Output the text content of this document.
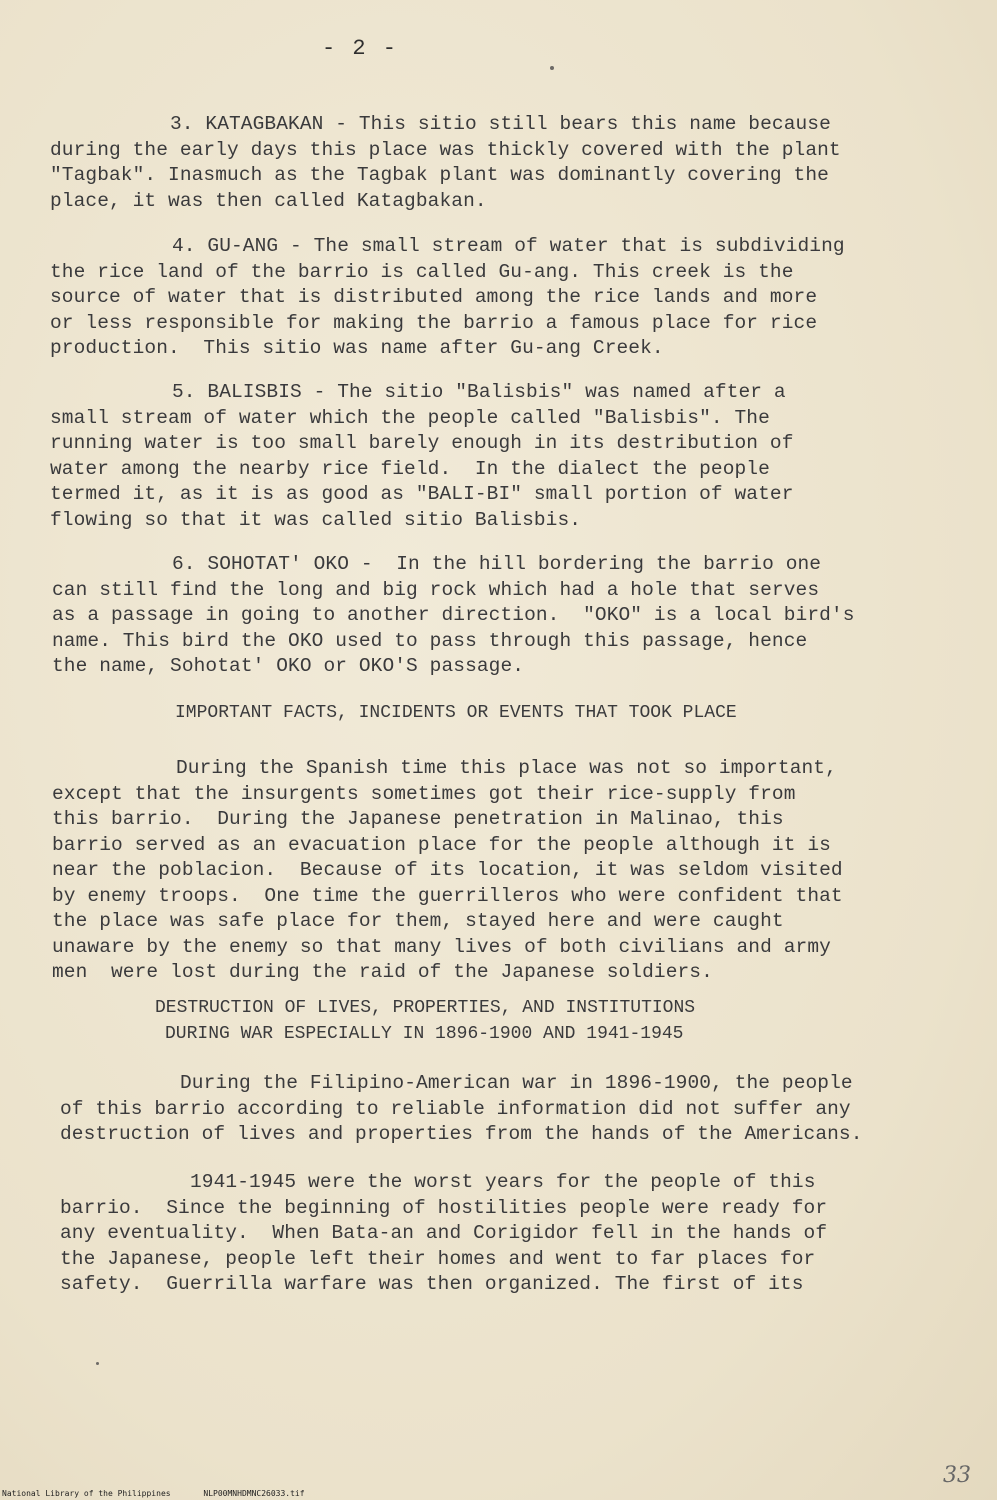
- 2 -

3. KATAGBAKAN - This sitio still bears this name because
during the early days this place was thickly covered with the plant
"Tagbak". Inasmuch as the Tagbak plant was dominantly covering the
place, it was then called Katagbakan.

4. GU-ANG - The small stream of water that is subdividing
the rice land of the barrio is called Gu-ang. This creek is the
source of water that is distributed among the rice lands and more
or less responsible for making the barrio a famous place for rice
production.  This sitio was name after Gu-ang Creek.

5. BALISBIS - The sitio "Balisbis" was named after a
small stream of water which the people called "Balisbis". The
running water is too small barely enough in its destribution of
water among the nearby rice field.  In the dialect the people
termed it, as it is as good as "BALI-BI" small portion of water
flowing so that it was called sitio Balisbis.

6. SOHOTAT' OKO -  In the hill bordering the barrio one
can still find the long and big rock which had a hole that serves
as a passage in going to another direction.  "OKO" is a local bird's
name. This bird the OKO used to pass through this passage, hence
the name, Sohotat' OKO or OKO'S passage.

IMPORTANT FACTS, INCIDENTS OR EVENTS THAT TOOK PLACE

During the Spanish time this place was not so important,
except that the insurgents sometimes got their rice-supply from
this barrio.  During the Japanese penetration in Malinao, this
barrio served as an evacuation place for the people although it is
near the poblacion.  Because of its location, it was seldom visited
by enemy troops.  One time the guerrilleros who were confident that
the place was safe place for them, stayed here and were caught
unaware by the enemy so that many lives of both civilians and army
men  were lost during the raid of the Japanese soldiers.

DESTRUCTION OF LIVES, PROPERTIES, AND INSTITUTIONS
DURING WAR ESPECIALLY IN 1896-1900 AND 1941-1945

During the Filipino-American war in 1896-1900, the people
of this barrio according to reliable information did not suffer any
destruction of lives and properties from the hands of the Americans.

1941-1945 were the worst years for the people of this
barrio.  Since the beginning of hostilities people were ready for
any eventuality.  When Bata-an and Corigidor fell in the hands of
the Japanese, people left their homes and went to far places for
safety.  Guerrilla warfare was then organized. The first of its

33
National Library of the Philippines	NLP00MNHDMNC26033.tif
